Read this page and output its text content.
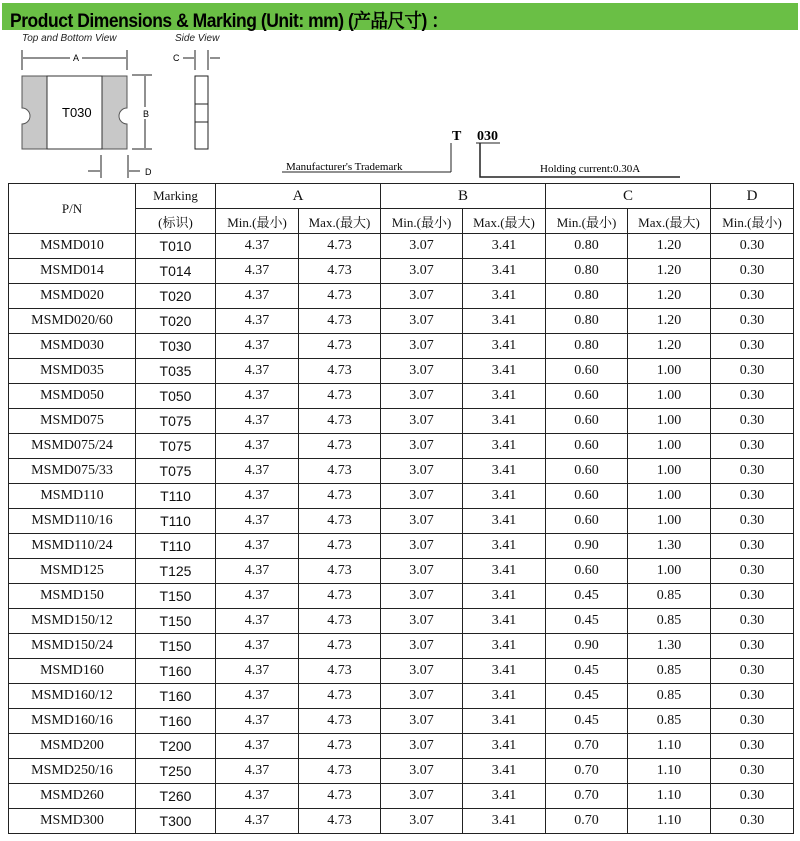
Product Dimensions & Marking (Unit: mm) (产品尺寸) ：
T030
A
B
C
D
T 030
Manufacturer's Trademark	Holding current:0.30A
Top and Bottom View	Side View
P/N	Marking	A		B		C		D
	(标识)	Min.(最小)	Max.(最大)	Min.(最小)	Max.(最大)	Min.(最小)	Max.(最大)	Min.(最小)
MSMD010	T010	4.37	4.73	3.07	3.41	0.80	1.20	0.30
MSMD014	T014	4.37	4.73	3.07	3.41	0.80	1.20	0.30
MSMD020	T020	4.37	4.73	3.07	3.41	0.80	1.20	0.30
MSMD020/60	T020	4.37	4.73	3.07	3.41	0.80	1.20	0.30
MSMD030	T030	4.37	4.73	3.07	3.41	0.80	1.20	0.30
MSMD035	T035	4.37	4.73	3.07	3.41	0.60	1.00	0.30
MSMD050	T050	4.37	4.73	3.07	3.41	0.60	1.00	0.30
MSMD075	T075	4.37	4.73	3.07	3.41	0.60	1.00	0.30
MSMD075/24	T075	4.37	4.73	3.07	3.41	0.60	1.00	0.30
MSMD075/33	T075	4.37	4.73	3.07	3.41	0.60	1.00	0.30
MSMD110	T110	4.37	4.73	3.07	3.41	0.60	1.00	0.30
MSMD110/16	T110	4.37	4.73	3.07	3.41	0.60	1.00	0.30
MSMD110/24	T110	4.37	4.73	3.07	3.41	0.90	1.30	0.30
MSMD125	T125	4.37	4.73	3.07	3.41	0.60	1.00	0.30
MSMD150	T150	4.37	4.73	3.07	3.41	0.45	0.85	0.30
MSMD150/12	T150	4.37	4.73	3.07	3.41	0.45	0.85	0.30
MSMD150/24	T150	4.37	4.73	3.07	3.41	0.90	1.30	0.30
MSMD160	T160	4.37	4.73	3.07	3.41	0.45	0.85	0.30
MSMD160/12	T160	4.37	4.73	3.07	3.41	0.45	0.85	0.30
MSMD160/16	T160	4.37	4.73	3.07	3.41	0.45	0.85	0.30
MSMD200	T200	4.37	4.73	3.07	3.41	0.70	1.10	0.30
MSMD250/16	T250	4.37	4.73	3.07	3.41	0.70	1.10	0.30
MSMD260	T260	4.37	4.73	3.07	3.41	0.70	1.10	0.30
MSMD300	T300	4.37	4.73	3.07	3.41	0.70	1.10	0.30
